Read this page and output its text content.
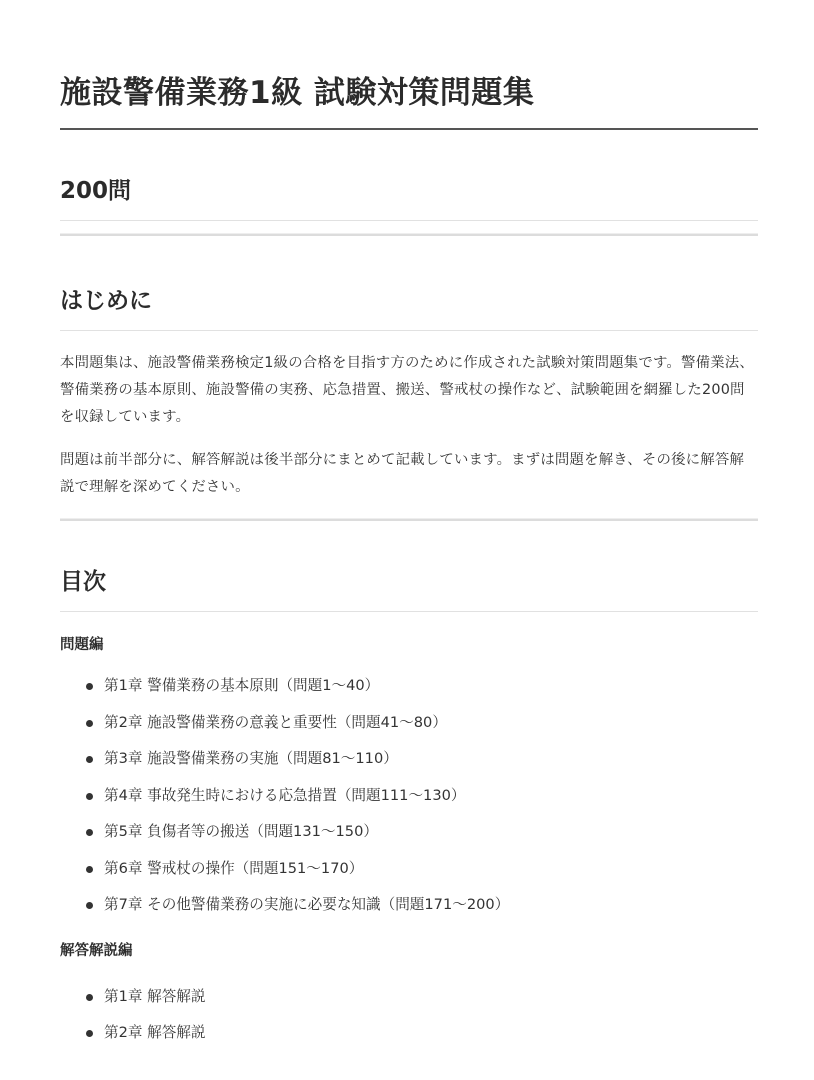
施設警備業務1級 試験対策問題集
200問
はじめに

本問題集は、施設警備業務検定1級の合格を目指す方のために作成された試験対策問題集です。警備業法、警備業務の基本原則、施設警備の実務、応急措置、搬送、警戒杖の操作など、試験範囲を網羅した200問を収録しています。

問題は前半部分に、解答解説は後半部分にまとめて記載しています。まずは問題を解き、その後に解答解説で理解を深めてください。

目次
問題編
第1章 警備業務の基本原則（問題1〜40）
第2章 施設警備業務の意義と重要性（問題41〜80）
第3章 施設警備業務の実施（問題81〜110）
第4章 事故発生時における応急措置（問題111〜130）
第5章 負傷者等の搬送（問題131〜150）
第6章 警戒杖の操作（問題151〜170）
第7章 その他警備業務の実施に必要な知識（問題171〜200）
解答解説編
第1章 解答解説
第2章 解答解説
